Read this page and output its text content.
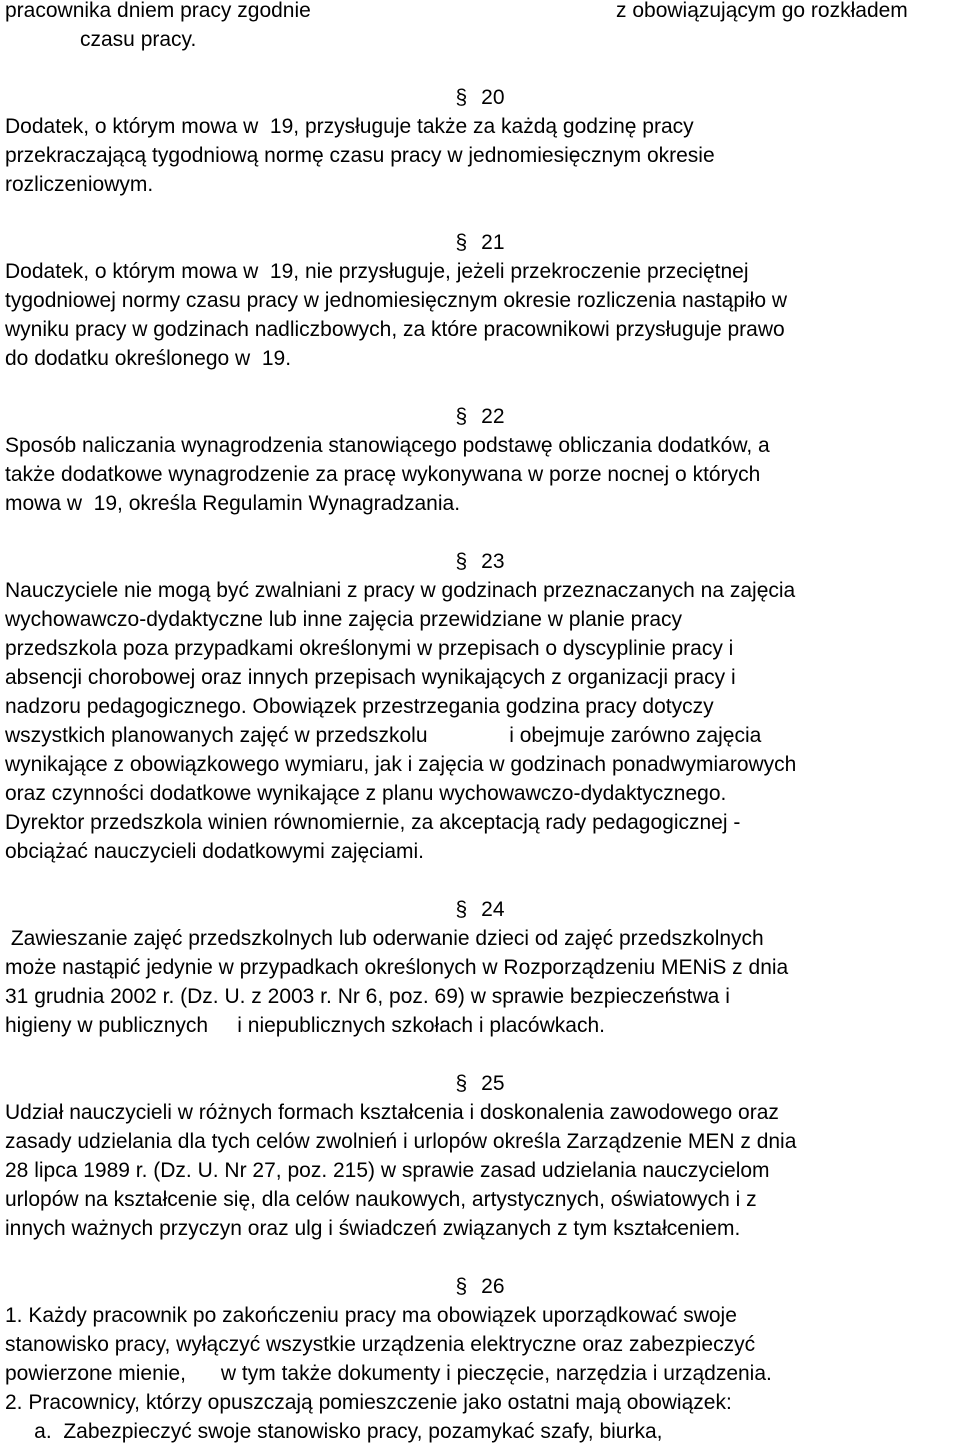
pracownika dniem pracy zgodnie	z obowiązującym go rozkładem
czasu pracy.
§ 20
Dodatek, o którym mowa w  19, przysługuje także za każdą godzinę pracy
przekraczającą tygodniową normę czasu pracy w jednomiesięcznym okresie
rozliczeniowym.
§ 21
Dodatek, o którym mowa w  19, nie przysługuje, jeżeli przekroczenie przeciętnej
tygodniowej normy czasu pracy w jednomiesięcznym okresie rozliczenia nastąpiło w
wyniku pracy w godzinach nadliczbowych, za które pracownikowi przysługuje prawo
do dodatku określonego w  19.
§ 22
Sposób naliczania wynagrodzenia stanowiącego podstawę obliczania dodatków, a
także dodatkowe wynagrodzenie za pracę wykonywana w porze nocnej o których
mowa w  19, określa Regulamin Wynagradzania.
§ 23
Nauczyciele nie mogą być zwalniani z pracy w godzinach przeznaczanych na zajęcia
wychowawczo-dydaktyczne lub inne zajęcia przewidziane w planie pracy
przedszkola poza przypadkami określonymi w przepisach o dyscyplinie pracy i
absencji chorobowej oraz innych przepisach wynikających z organizacji pracy i
nadzoru pedagogicznego. Obowiązek przestrzegania godzina pracy dotyczy
wszystkich planowanych zajęć w przedszkolu              i obejmuje zarówno zajęcia
wynikające z obowiązkowego wymiaru, jak i zajęcia w godzinach ponadwymiarowych
oraz czynności dodatkowe wynikające z planu wychowawczo-dydaktycznego.
Dyrektor przedszkola winien równomiernie, za akceptacją rady pedagogicznej -
obciążać nauczycieli dodatkowymi zajęciami.
§ 24
Zawieszanie zajęć przedszkolnych lub oderwanie dzieci od zajęć przedszkolnych
może nastąpić jedynie w przypadkach określonych w Rozporządzeniu MENiS z dnia
31 grudnia 2002 r. (Dz. U. z 2003 r. Nr 6, poz. 69) w sprawie bezpieczeństwa i
higieny w publicznych     i niepublicznych szkołach i placówkach.
§ 25
Udział nauczycieli w różnych formach kształcenia i doskonalenia zawodowego oraz
zasady udzielania dla tych celów zwolnień i urlopów określa Zarządzenie MEN z dnia
28 lipca 1989 r. (Dz. U. Nr 27, poz. 215) w sprawie zasad udzielania nauczycielom
urlopów na kształcenie się, dla celów naukowych, artystycznych, oświatowych i z
innych ważnych przyczyn oraz ulg i świadczeń związanych z tym kształceniem.
§ 26
1. Każdy pracownik po zakończeniu pracy ma obowiązek uporządkować swoje
stanowisko pracy, wyłączyć wszystkie urządzenia elektryczne oraz zabezpieczyć
powierzone mienie,      w tym także dokumenty i pieczęcie, narzędzia i urządzenia.
2. Pracownicy, którzy opuszczają pomieszczenie jako ostatni mają obowiązek:
a.  Zabezpieczyć swoje stanowisko pracy, pozamykać szafy, biurka,
